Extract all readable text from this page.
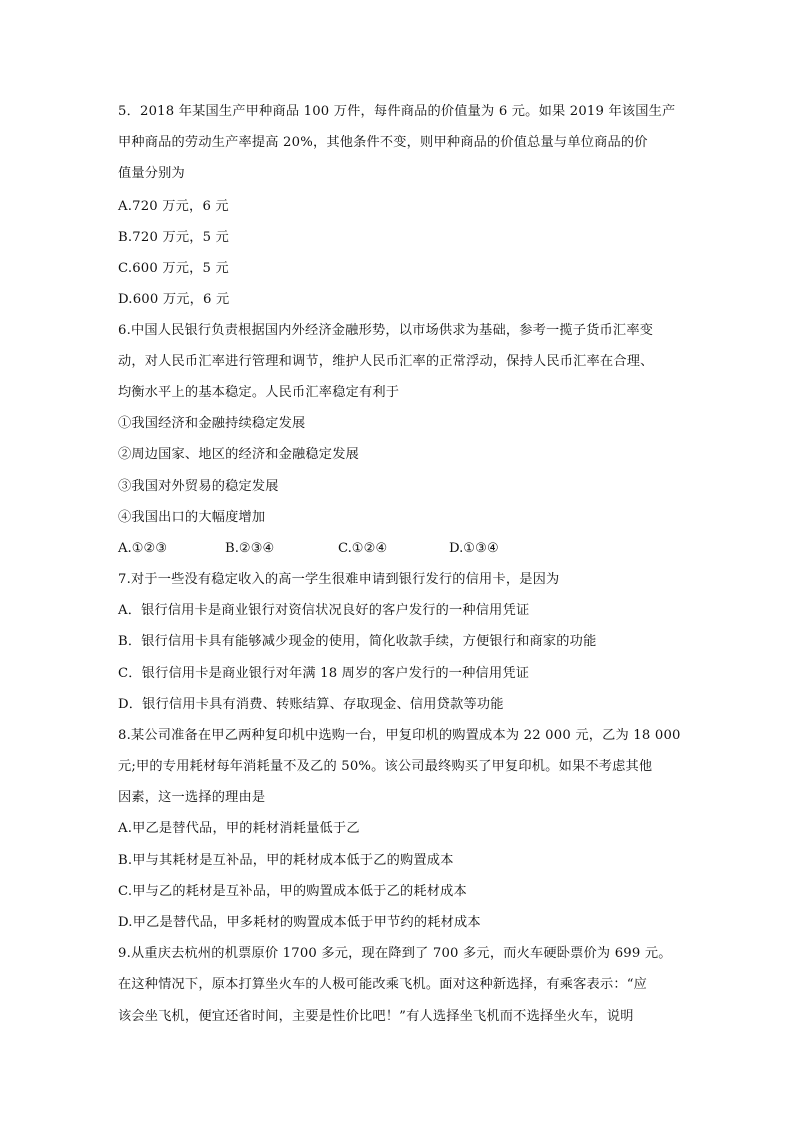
5．2018 年某国生产甲种商品 100 万件，每件商品的价值量为 6 元。如果 2019 年该国生产
甲种商品的劳动生产率提高 20%，其他条件不变，则甲种商品的价值总量与单位商品的价
值量分别为
A.720 万元，6 元
B.720 万元，5 元
C.600 万元，5 元
D.600 万元，6 元
6.中国人民银行负责根据国内外经济金融形势，以市场供求为基础，参考一揽子货币汇率变
动，对人民币汇率进行管理和调节，维护人民币汇率的正常浮动，保持人民币汇率在合理、
均衡水平上的基本稳定。人民币汇率稳定有利于
①我国经济和金融持续稳定发展
②周边国家、地区的经济和金融稳定发展
③我国对外贸易的稳定发展
④我国出口的大幅度增加
A.①②③	B.②③④	C.①②④	D.①③④
7.对于一些没有稳定收入的高一学生很难申请到银行发行的信用卡，是因为
A．银行信用卡是商业银行对资信状况良好的客户发行的一种信用凭证
B．银行信用卡具有能够减少现金的使用，简化收款手续，方便银行和商家的功能
C．银行信用卡是商业银行对年满 18 周岁的客户发行的一种信用凭证
D．银行信用卡具有消费、转账结算、存取现金、信用贷款等功能
8.某公司准备在甲乙两种复印机中选购一台，甲复印机的购置成本为 22 000 元，乙为 18 000
元;甲的专用耗材每年消耗量不及乙的 50%。该公司最终购买了甲复印机。如果不考虑其他
因素，这一选择的理由是
A.甲乙是替代品，甲的耗材消耗量低于乙
B.甲与其耗材是互补品，甲的耗材成本低于乙的购置成本
C.甲与乙的耗材是互补品，甲的购置成本低于乙的耗材成本
D.甲乙是替代品，甲多耗材的购置成本低于甲节约的耗材成本
9.从重庆去杭州的机票原价 1700 多元，现在降到了 700 多元，而火车硬卧票价为 699 元。
在这种情况下，原本打算坐火车的人极可能改乘飞机。面对这种新选择，有乘客表示：“应
该会坐飞机，便宜还省时间，主要是性价比吧！”有人选择坐飞机而不选择坐火车，说明
